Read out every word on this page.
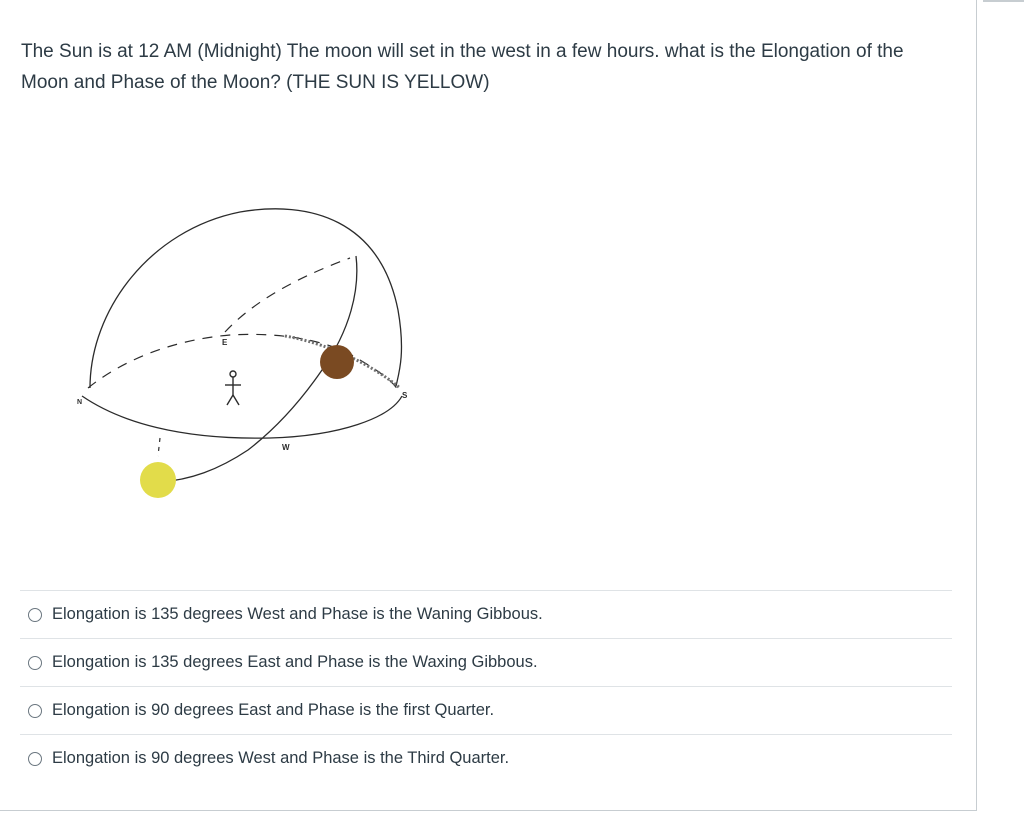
The Sun is at 12 AM (Midnight) The moon will set in the west in a few hours. what is the Elongation of the Moon and Phase of the Moon? (THE SUN IS YELLOW)

N
E
W
S
Elongation is 135 degrees West and Phase is the Waning Gibbous.
Elongation is 135 degrees East and Phase is the Waxing Gibbous.
Elongation is 90 degrees East and Phase is the first Quarter.
Elongation is 90 degrees West and Phase is the Third Quarter.
